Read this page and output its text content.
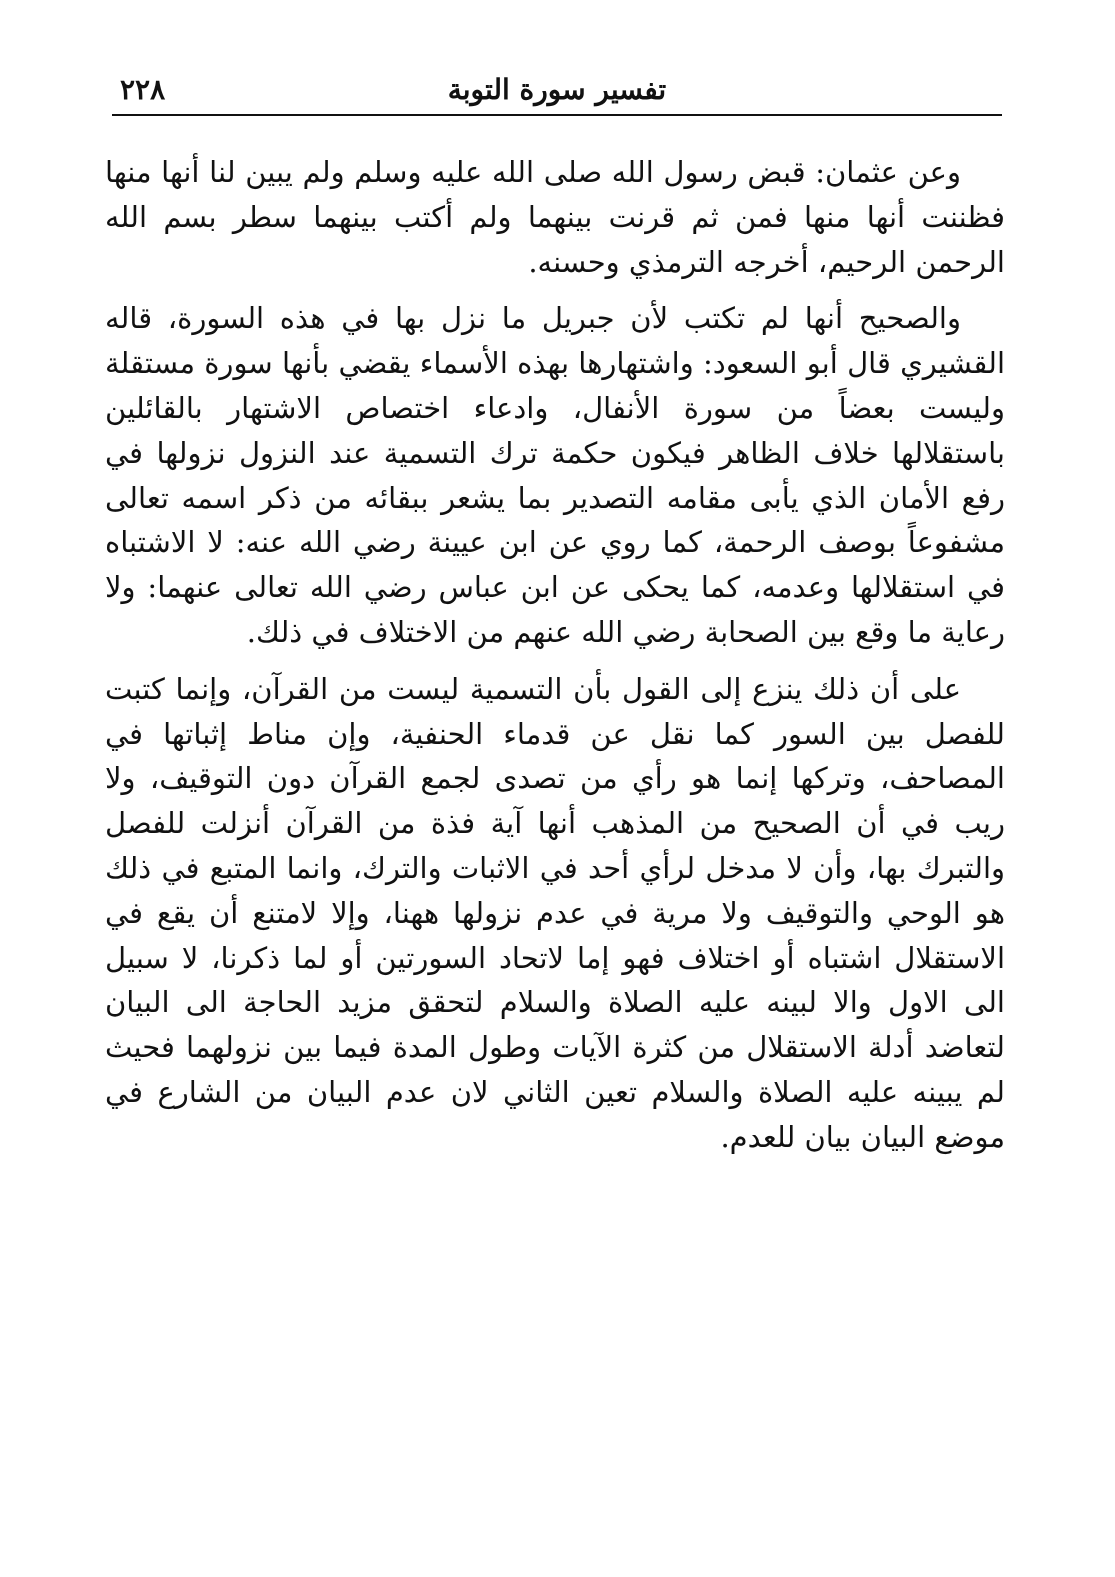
٢٢٨	تفسير سورة التوبة

وعن عثمان: قبض رسول الله صلى الله عليه وسلم ولم يبين لنا أنها منها فظننت أنها منها فمن ثم قرنت بينهما ولم أكتب بينهما سطر بسم الله الرحمن الرحيم، أخرجه الترمذي وحسنه.

والصحيح أنها لم تكتب لأن جبريل ما نزل بها في هذه السورة، قاله القشيري قال أبو السعود: واشتهارها بهذه الأسماء يقضي بأنها سورة مستقلة وليست بعضاً من سورة الأنفال، وادعاء اختصاص الاشتهار بالقائلين باستقلالها خلاف الظاهر فيكون حكمة ترك التسمية عند النزول نزولها في رفع الأمان الذي يأبى مقامه التصدير بما يشعر ببقائه من ذكر اسمه تعالى مشفوعاً بوصف الرحمة، كما روي عن ابن عيينة رضي الله عنه: لا الاشتباه في استقلالها وعدمه، كما يحكى عن ابن عباس رضي الله تعالى عنهما: ولا رعاية ما وقع بين الصحابة رضي الله عنهم من الاختلاف في ذلك.

على أن ذلك ينزع إلى القول بأن التسمية ليست من القرآن، وإنما كتبت للفصل بين السور كما نقل عن قدماء الحنفية، وإن مناط إثباتها في المصاحف، وتركها إنما هو رأي من تصدى لجمع القرآن دون التوقيف، ولا ريب في أن الصحيح من المذهب أنها آية فذة من القرآن أنزلت للفصل والتبرك بها، وأن لا مدخل لرأي أحد في الاثبات والترك، وانما المتبع في ذلك هو الوحي والتوقيف ولا مرية في عدم نزولها ههنا، وإلا لامتنع أن يقع في الاستقلال اشتباه أو اختلاف فهو إما لاتحاد السورتين أو لما ذكرنا، لا سبيل الى الاول والا لبينه عليه الصلاة والسلام لتحقق مزيد الحاجة الى البيان لتعاضد أدلة الاستقلال من كثرة الآيات وطول المدة فيما بين نزولهما فحيث لم يبينه عليه الصلاة والسلام تعين الثاني لان عدم البيان من الشارع في موضع البيان بيان للعدم.
